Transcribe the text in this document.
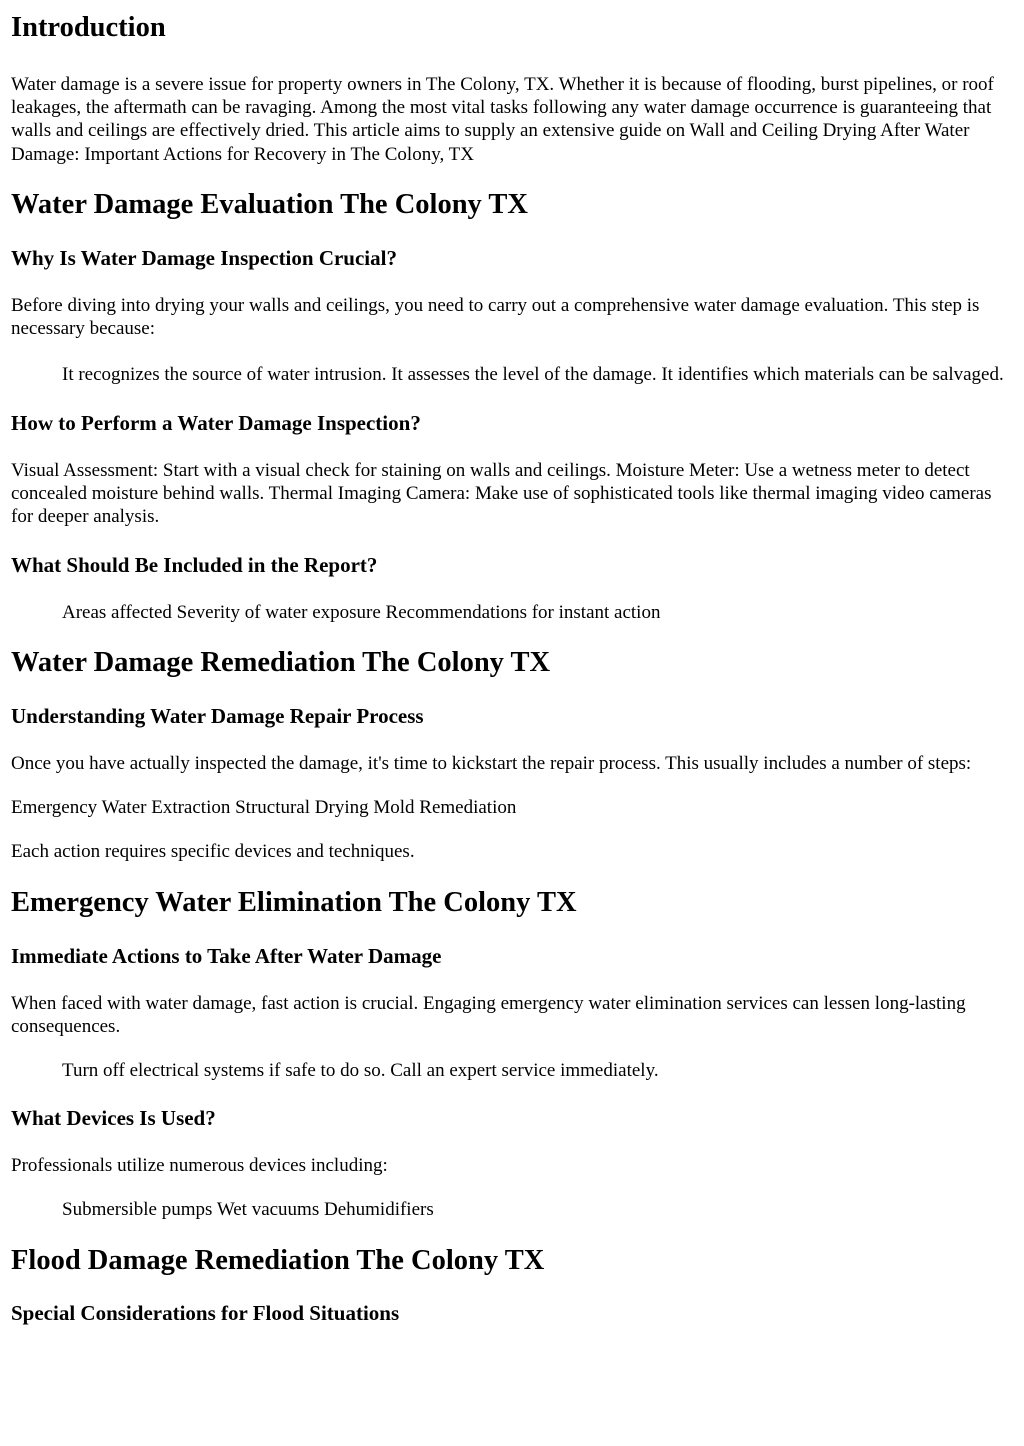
Introduction

Water damage is a severe issue for property owners in The Colony, TX. Whether it is because of flooding, burst pipelines, or roof leakages, the aftermath can be ravaging. Among the most vital tasks following any water damage occurrence is guaranteeing that walls and ceilings are effectively dried. This article aims to supply an extensive guide on Wall and Ceiling Drying After Water Damage: Important Actions for Recovery in The Colony, TX

Water Damage Evaluation The Colony TX
Why Is Water Damage Inspection Crucial?

Before diving into drying your walls and ceilings, you need to carry out a comprehensive water damage evaluation. This step is necessary because:

It recognizes the source of water intrusion. It assesses the level of the damage. It identifies which materials can be salvaged.
How to Perform a Water Damage Inspection?

Visual Assessment: Start with a visual check for staining on walls and ceilings. Moisture Meter: Use a wetness meter to detect concealed moisture behind walls. Thermal Imaging Camera: Make use of sophisticated tools like thermal imaging video cameras for deeper analysis.

What Should Be Included in the Report?
Areas affected Severity of water exposure Recommendations for instant action
Water Damage Remediation The Colony TX
Understanding Water Damage Repair Process

Once you have actually inspected the damage, it's time to kickstart the repair process. This usually includes a number of steps:

Emergency Water Extraction Structural Drying Mold Remediation

Each action requires specific devices and techniques.

Emergency Water Elimination The Colony TX
Immediate Actions to Take After Water Damage

When faced with water damage, fast action is crucial. Engaging emergency water elimination services can lessen long-lasting consequences.

Turn off electrical systems if safe to do so. Call an expert service immediately.
What Devices Is Used?

Professionals utilize numerous devices including:

Submersible pumps Wet vacuums Dehumidifiers
Flood Damage Remediation The Colony TX
Special Considerations for Flood Situations
